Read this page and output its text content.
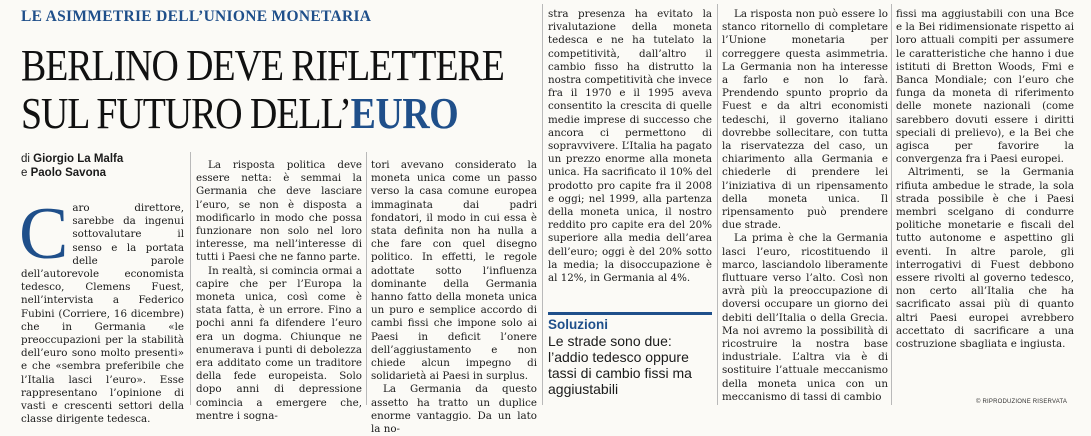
LE ASIMMETRIE DELL’UNIONE MONETARIA
BERLINO DEVE RIFLETTERE
SUL FUTURO DELL’EURO
di Giorgio La Malfa
e Paolo Savona
C aro direttore, sarebbe da ingenui sottovalutare il senso e la portata delle parole dell’autorevole economista tedesco, Clemens Fuest, nell’intervista a Federico Fubini (Corriere, 16 dicembre) che in Germania «le preoccupazioni per la stabilità dell’euro sono molto presenti» e che «sembra preferibile che l’Italia lasci l’euro». Esse rappresentano l’opinione di vasti e crescenti settori della classe dirigente tedesca.

La risposta politica deve essere netta: è semmai la Germania che deve lasciare l’euro, se non è disposta a modificarlo in modo che possa funzionare non solo nel loro interesse, ma nell’interesse di tutti i Paesi che ne fanno parte.

In realtà, si comincia ormai a capire che per l’Europa la moneta unica, così come è stata fatta, è un errore. Fino a pochi anni fa difendere l’euro era un dogma. Chiunque ne enumerava i punti di debolezza era additato come un traditore della fede europeista. Solo dopo anni di depressione comincia a emergere che, mentre i sogna-

tori avevano considerato la moneta unica come un passo verso la casa comune europea immaginata dai padri fondatori, il modo in cui essa è stata definita non ha nulla a che fare con quel disegno politico. In effetti, le regole adottate sotto l’influenza dominante della Germania hanno fatto della moneta unica un puro e semplice accordo di cambi fissi che impone solo ai Paesi in deficit l’onere dell’aggiustamento e non chiede alcun impegno di solidarietà ai Paesi in surplus.

La Germania da questo assetto ha tratto un duplice enorme vantaggio. Da un lato la no-

stra presenza ha evitato la rivalutazione della moneta tedesca e ne ha tutelato la competitività, dall’altro il cambio fisso ha distrutto la nostra competitività che invece fra il 1970 e il 1995 aveva consentito la crescita di quelle medie imprese di successo che ancora ci permettono di sopravvivere. L’Italia ha pagato un prezzo enorme alla moneta unica. Ha sacrificato il 10% del prodotto pro capite fra il 2008 e oggi; nel 1999, alla partenza della moneta unica, il nostro reddito pro capite era del 20% superiore alla media dell’area dell’euro; oggi è del 20% sotto la media; la disoccupazione è al 12%, in Germania al 4%.

Soluzioni
Le strade sono due: l’addio tedesco oppure tassi di cambio fissi ma aggiustabili

La risposta non può essere lo stanco ritornello di completare l’Unione monetaria per correggere questa asimmetria. La Germania non ha interesse a farlo e non lo farà. Prendendo spunto proprio da Fuest e da altri economisti tedeschi, il governo italiano dovrebbe sollecitare, con tutta la riservatezza del caso, un chiarimento alla Germania e chiederle di prendere lei l’iniziativa di un ripensamento della moneta unica. Il ripensamento può prendere due strade.

La prima è che la Germania lasci l’euro, ricostituendo il marco, lasciandolo liberamente fluttuare verso l’alto. Così non avrà più la preoccupazione di doversi occupare un giorno dei debiti dell’Italia o della Grecia. Ma noi avremo la possibilità di ricostruire la nostra base industriale. L’altra via è di sostituire l’attuale meccanismo della moneta unica con un meccanismo di tassi di cambio

fissi ma aggiustabili con una Bce e la Bei ridimensionate rispetto ai loro attuali compiti per assumere le caratteristiche che hanno i due istituti di Bretton Woods, Fmi e Banca Mondiale; con l’euro che funga da moneta di riferimento delle monete nazionali (come sarebbero dovuti essere i diritti speciali di prelievo), e la Bei che agisca per favorire la convergenza fra i Paesi europei.

Altrimenti, se la Germania rifiuta ambedue le strade, la sola strada possibile è che i Paesi membri scelgano di condurre politiche monetarie e fiscali del tutto autonome e aspettino gli eventi. In altre parole, gli interrogativi di Fuest debbono essere rivolti al governo tedesco, non certo all’Italia che ha sacrificato assai più di quanto altri Paesi europei avrebbero accettato di sacrificare a una costruzione sbagliata e ingiusta.

© RIPRODUZIONE RISERVATA
